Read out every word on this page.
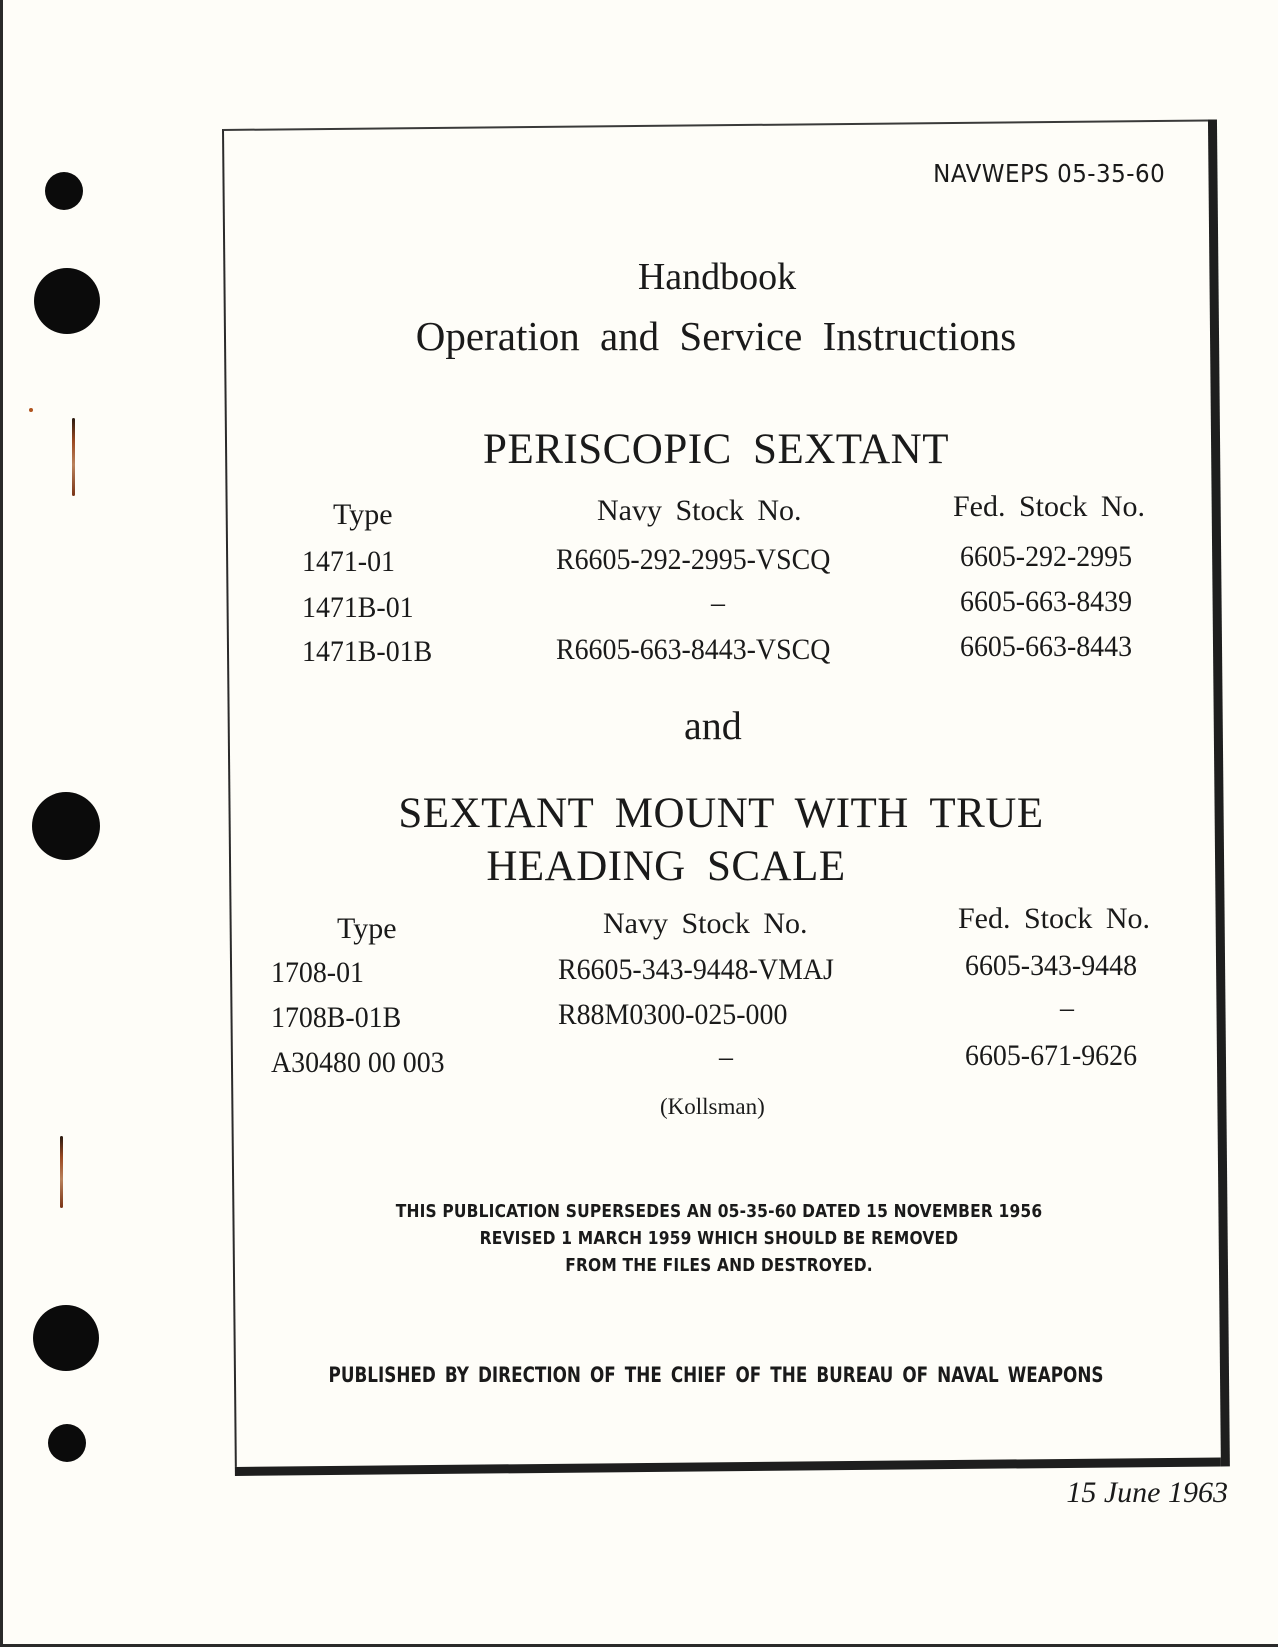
NAVWEPS 05-35-60
Handbook
Operation and Service Instructions
PERISCOPIC SEXTANT
Type	Navy Stock No.	Fed. Stock No.
1471-01	R6605-292-2995-VSCQ	6605-292-2995
1471B-01	–	6605-663-8439
1471B-01B	R6605-663-8443-VSCQ	6605-663-8443
and
SEXTANT MOUNT WITH TRUE
HEADING SCALE
Type	Navy Stock No.	Fed. Stock No.
1708-01	R6605-343-9448-VMAJ	6605-343-9448
1708B-01B	R88M0300-025-000	–
A30480 00 003	–	6605-671-9626
(Kollsman)
THIS PUBLICATION SUPERSEDES AN 05-35-60 DATED 15 NOVEMBER 1956
REVISED 1 MARCH 1959 WHICH SHOULD BE REMOVED
FROM THE FILES AND DESTROYED.
PUBLISHED BY DIRECTION OF THE CHIEF OF THE BUREAU OF NAVAL WEAPONS
15 June 1963
